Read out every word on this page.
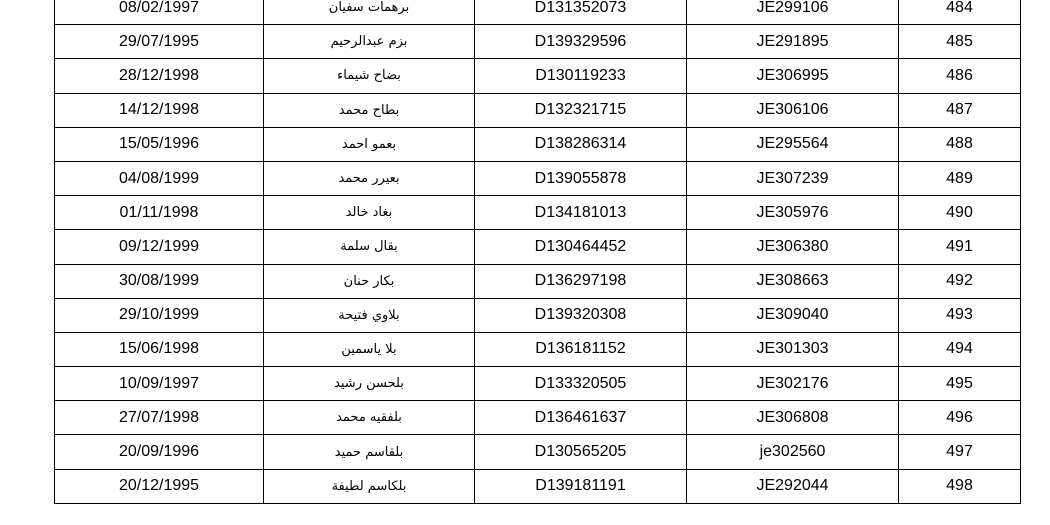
08/02/1997	برهمات سفيان	D131352073	JE299106	484
29/07/1995	بزم عبدالرحيم	D139329596	JE291895	485
28/12/1998	بضاح شيماء	D130119233	JE306995	486
14/12/1998	بطاح محمد	D132321715	JE306106	487
15/05/1996	بعمو احمد	D138286314	JE295564	488
04/08/1999	بعيرر محمد	D139055878	JE307239	489
01/11/1998	بغاد خالد	D134181013	JE305976	490
09/12/1999	بقال سلمة	D130464452	JE306380	491
30/08/1999	بكار حنان	D136297198	JE308663	492
29/10/1999	بلاوي فتيحة	D139320308	JE309040	493
15/06/1998	بلا ياسمين	D136181152	JE301303	494
10/09/1997	بلحسن رشيد	D133320505	JE302176	495
27/07/1998	بلفقيه محمد	D136461637	JE306808	496
20/09/1996	بلقاسم حميد	D130565205	je302560	497
20/12/1995	بلكاسم لطيفة	D139181191	JE292044	498
